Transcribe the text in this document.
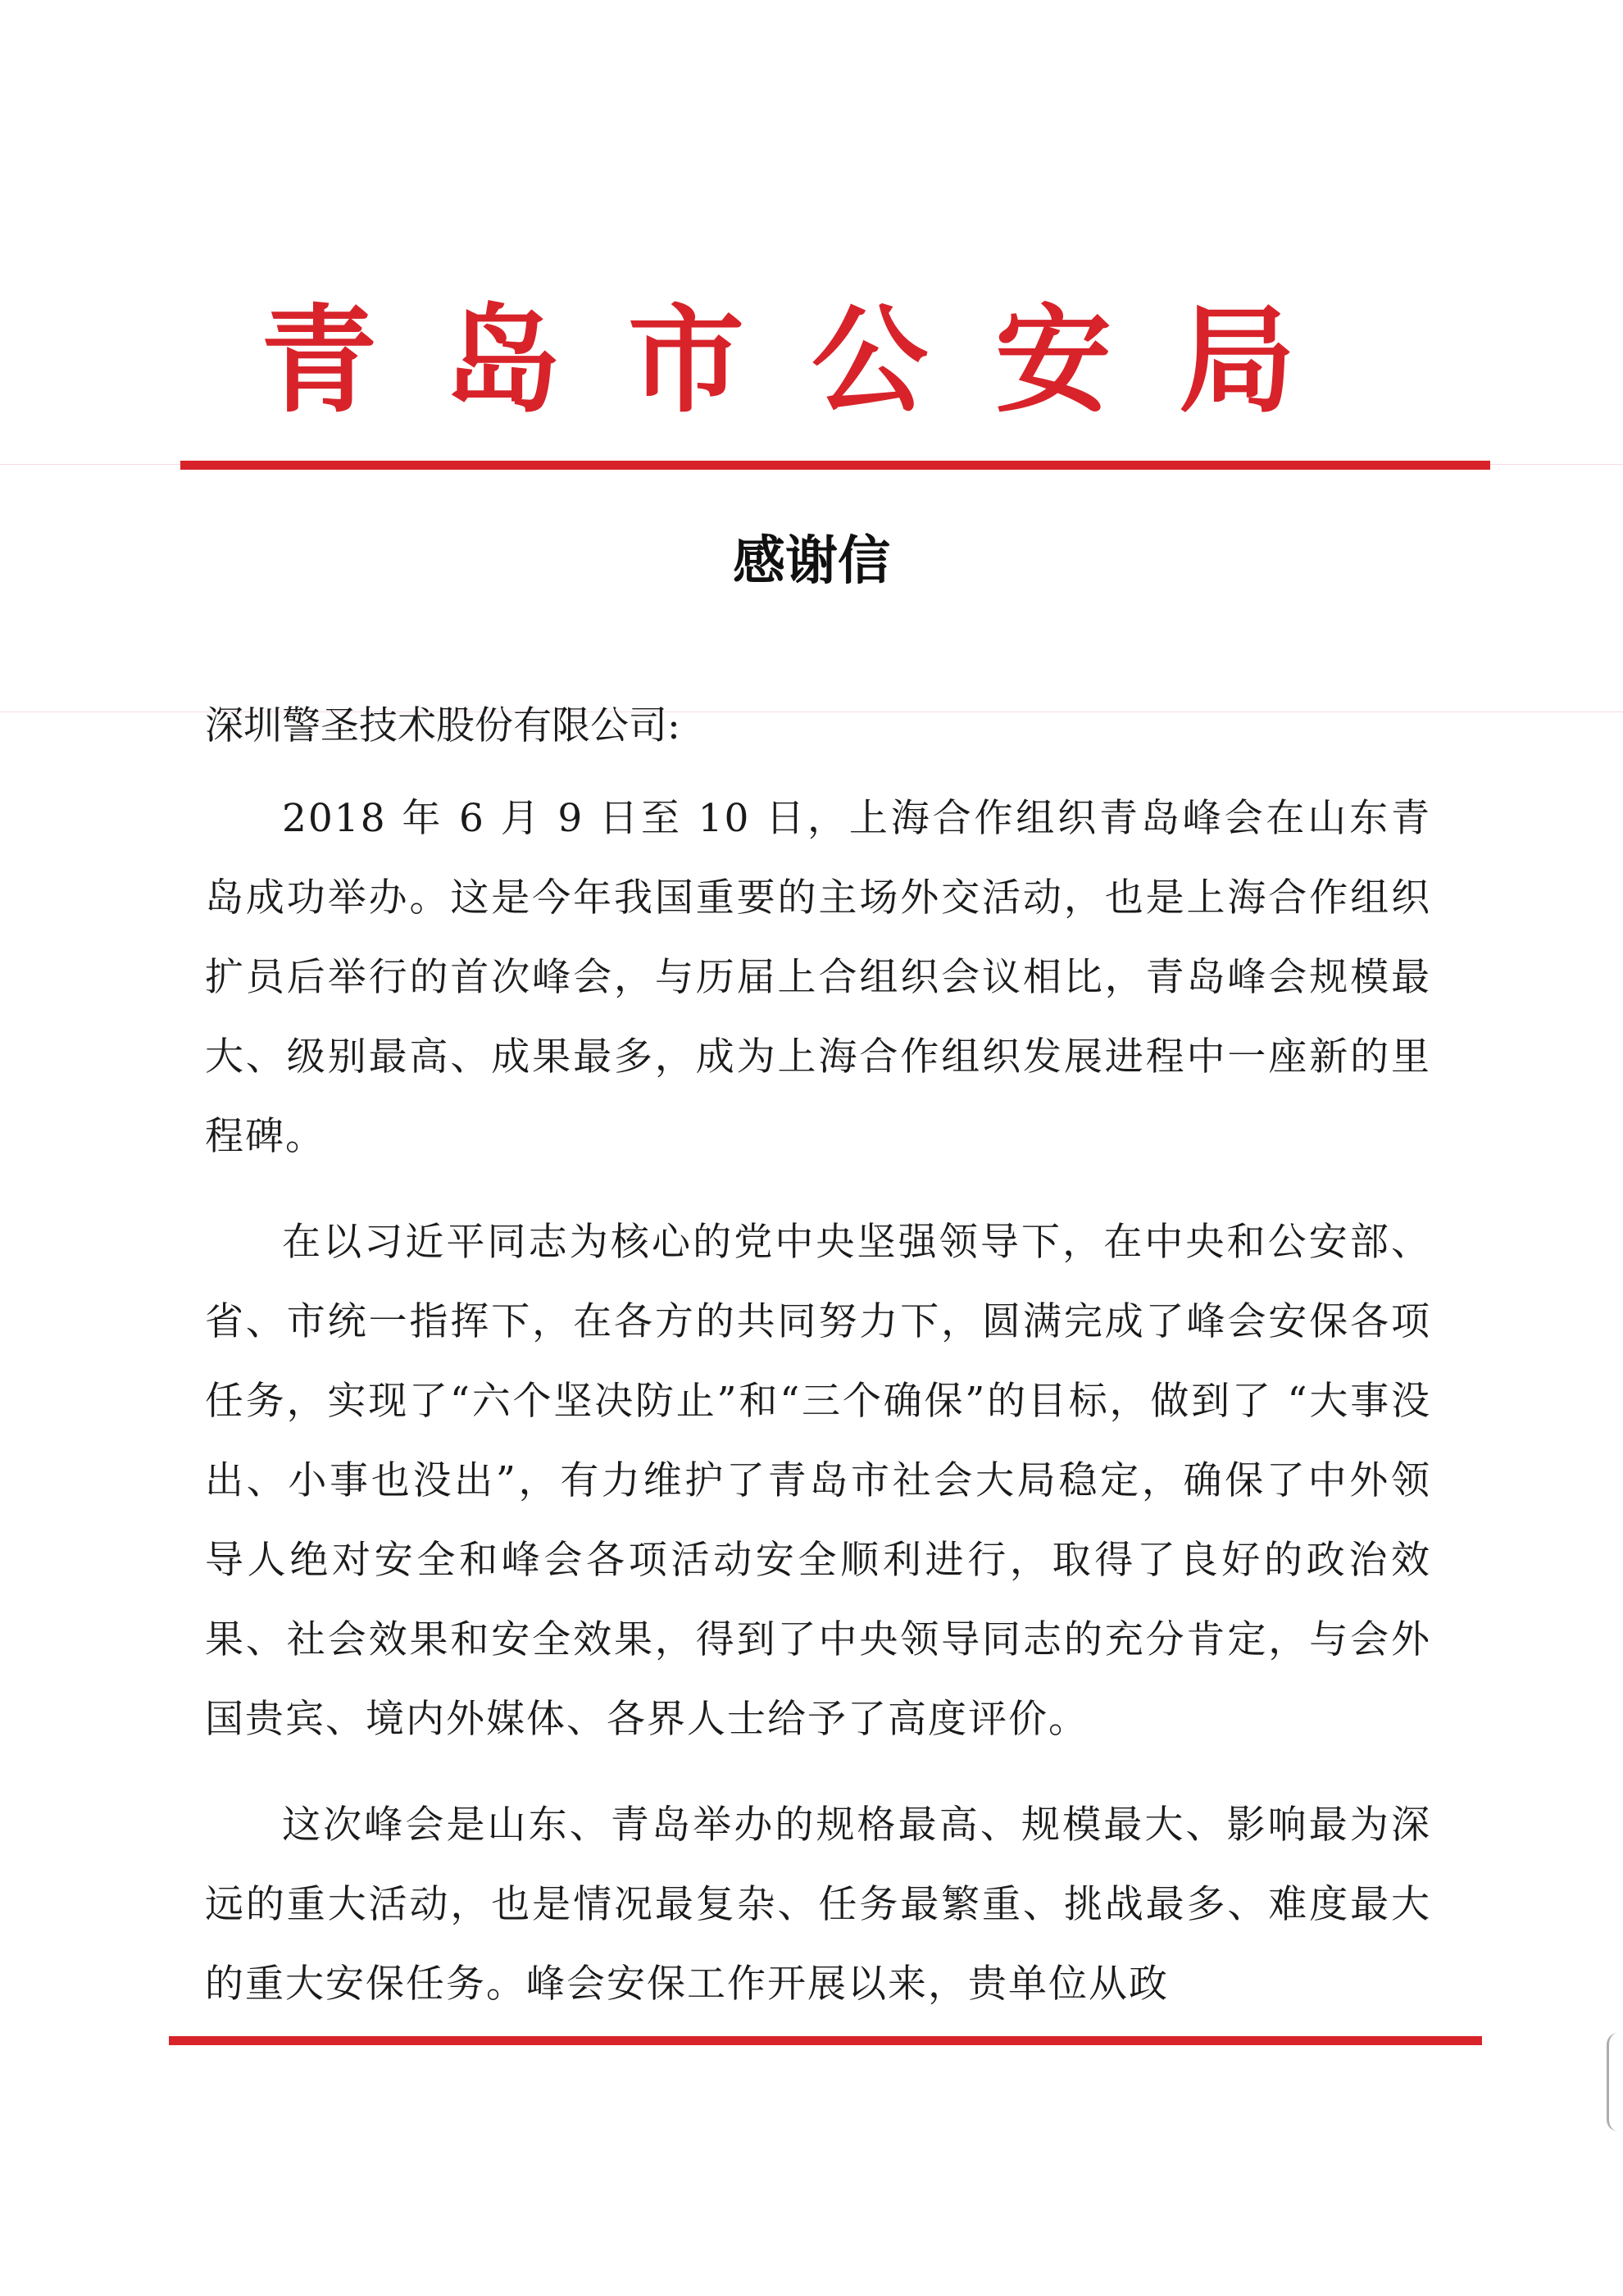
青岛市公安局
感谢信
深圳警圣技术股份有限公司:

2018 年 6 月 9 日至 10 日，上海合作组织青岛峰会在山东青岛成功举办。这是今年我国重要的主场外交活动，也是上海合作组织扩员后举行的首次峰会，与历届上合组织会议相比，青岛峰会规模最大、级别最高、成果最多，成为上海合作组织发展进程中一座新的里程碑。

在以习近平同志为核心的党中央坚强领导下，在中央和公安部、省、市统一指挥下，在各方的共同努力下，圆满完成了峰会安保各项任务，实现了“六个坚决防止”和“三个确保”的目标，做到了 “大事没出、小事也没出”，有力维护了青岛市社会大局稳定，确保了中外领导人绝对安全和峰会各项活动安全顺利进行，取得了良好的政治效果、社会效果和安全效果，得到了中央领导同志的充分肯定，与会外国贵宾、境内外媒体、各界人士给予了高度评价。

这次峰会是山东、青岛举办的规格最高、规模最大、影响最为深远的重大活动，也是情况最复杂、任务最繁重、挑战最多、难度最大的重大安保任务。峰会安保工作开展以来，贵单位从政
